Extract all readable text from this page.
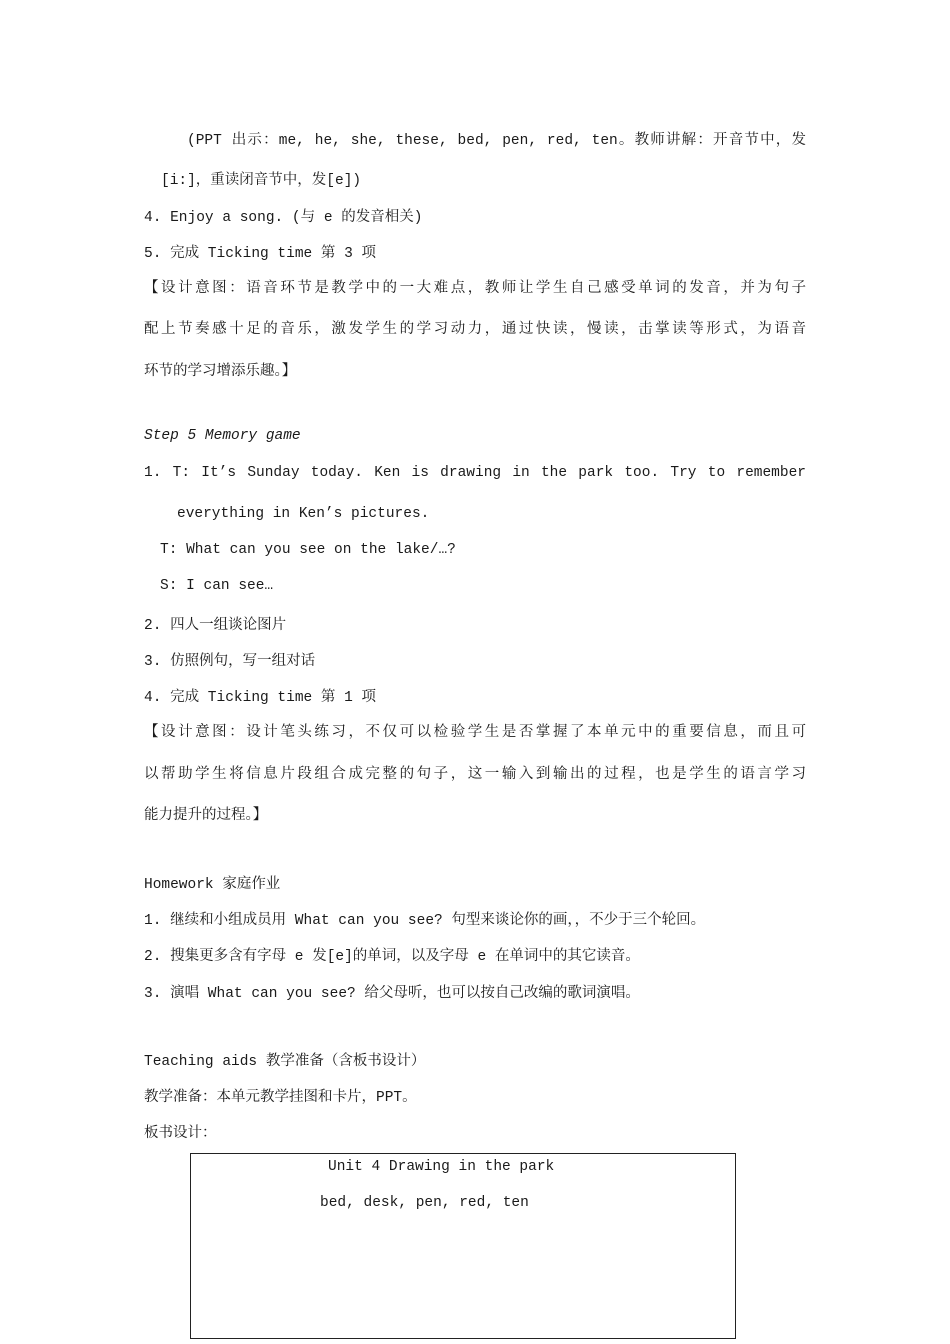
(PPT 出示：me, he, she, these, bed, pen, red, ten。教师讲解：开音节中，发
[i:]，重读闭音节中，发[e])
4. Enjoy a song. (与 e 的发音相关)
5. 完成 Ticking time 第 3 项
【设计意图：语音环节是教学中的一大难点，教师让学生自己感受单词的发音，并为句子
配上节奏感十足的音乐，激发学生的学习动力，通过快读，慢读，击掌读等形式，为语音
环节的学习增添乐趣。】
Step 5 Memory game
1. T: It’s Sunday today. Ken is drawing in the park too. Try to remember
everything in Ken’s pictures.
T: What can you see on the lake/…?
S: I can see…
2. 四人一组谈论图片
3. 仿照例句，写一组对话
4. 完成 Ticking time 第 1 项
【设计意图：设计笔头练习，不仅可以检验学生是否掌握了本单元中的重要信息，而且可
以帮助学生将信息片段组合成完整的句子，这一输入到输出的过程，也是学生的语言学习
能力提升的过程。】
Homework 家庭作业
1. 继续和小组成员用 What can you see? 句型来谈论你的画，，不少于三个轮回。
2. 搜集更多含有字母 e 发[e]的单词，以及字母 e 在单词中的其它读音。
3. 演唱 What can you see? 给父母听，也可以按自己改编的歌词演唱。
Teaching aids 教学准备（含板书设计）
教学准备：本单元教学挂图和卡片，PPT。
板书设计：
Unit 4 Drawing in the park
bed, desk, pen, red, ten
